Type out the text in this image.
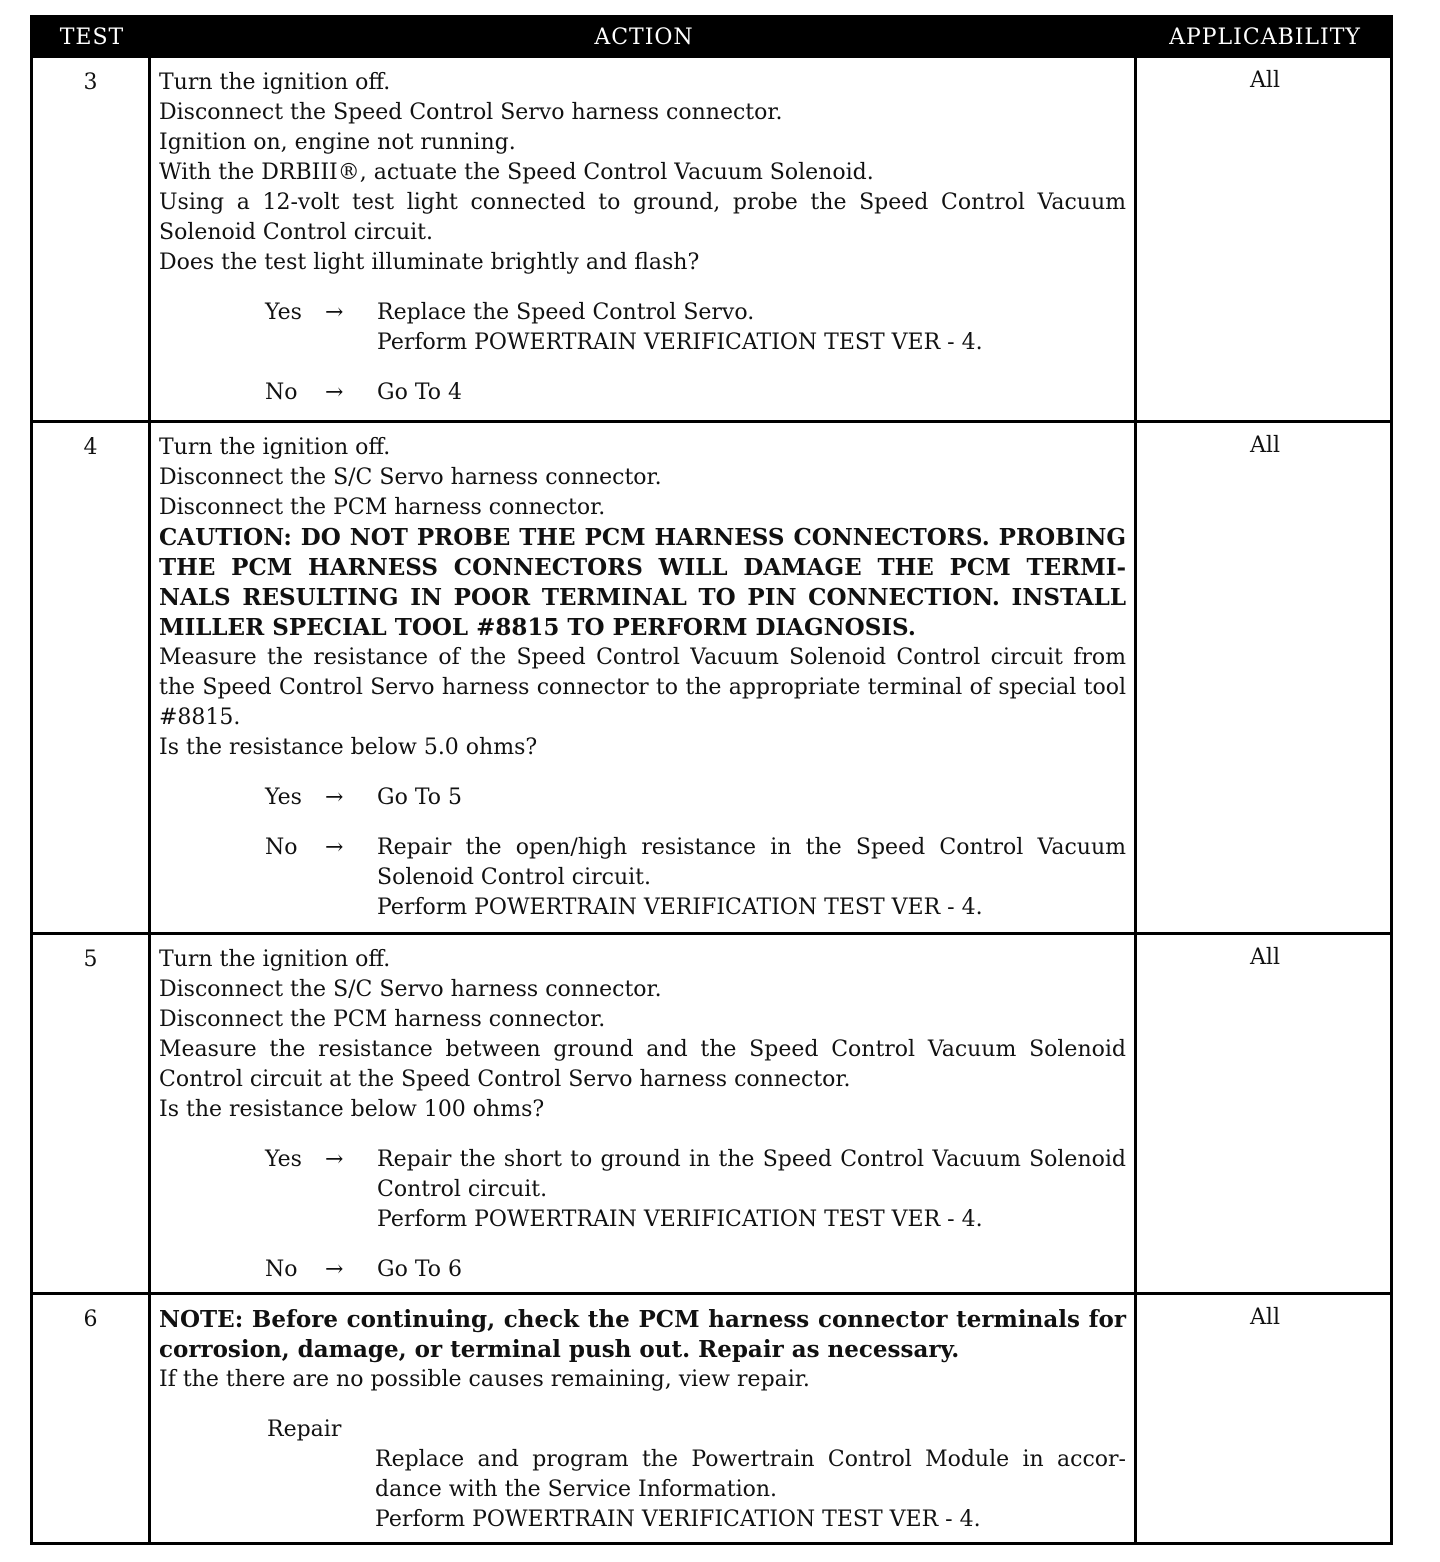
TEST	ACTION	APPLICABILITY
3	Turn the ignition off.
Disconnect the Speed Control Servo harness connector.
Ignition on, engine not running.
With the DRBIII®, actuate the Speed Control Vacuum Solenoid.
Using a 12-volt test light connected to ground, probe the Speed Control Vacuum
Solenoid Control circuit.
Does the test light illuminate brightly and flash?
Yes → Replace the Speed Control Servo.
Perform POWERTRAIN VERIFICATION TEST VER - 4.
No → Go To 4
All
4	Turn the ignition off.
Disconnect the S/C Servo harness connector.
Disconnect the PCM harness connector.
CAUTION: DO NOT PROBE THE PCM HARNESS CONNECTORS. PROBING
THE PCM HARNESS CONNECTORS WILL DAMAGE THE PCM TERMI-
NALS RESULTING IN POOR TERMINAL TO PIN CONNECTION. INSTALL
MILLER SPECIAL TOOL #8815 TO PERFORM DIAGNOSIS.
Measure the resistance of the Speed Control Vacuum Solenoid Control circuit from
the Speed Control Servo harness connector to the appropriate terminal of special tool
#8815.
Is the resistance below 5.0 ohms?
Yes → Go To 5
No → Repair the open/high resistance in the Speed Control Vacuum
Solenoid Control circuit.
Perform POWERTRAIN VERIFICATION TEST VER - 4.
All
5	Turn the ignition off.
Disconnect the S/C Servo harness connector.
Disconnect the PCM harness connector.
Measure the resistance between ground and the Speed Control Vacuum Solenoid
Control circuit at the Speed Control Servo harness connector.
Is the resistance below 100 ohms?
Yes → Repair the short to ground in the Speed Control Vacuum Solenoid
Control circuit.
Perform POWERTRAIN VERIFICATION TEST VER - 4.
No → Go To 6
All
6	NOTE: Before continuing, check the PCM harness connector terminals for
corrosion, damage, or terminal push out. Repair as necessary.
If the there are no possible causes remaining, view repair.
Repair
Replace and program the Powertrain Control Module in accor-
dance with the Service Information.
Perform POWERTRAIN VERIFICATION TEST VER - 4.
All
